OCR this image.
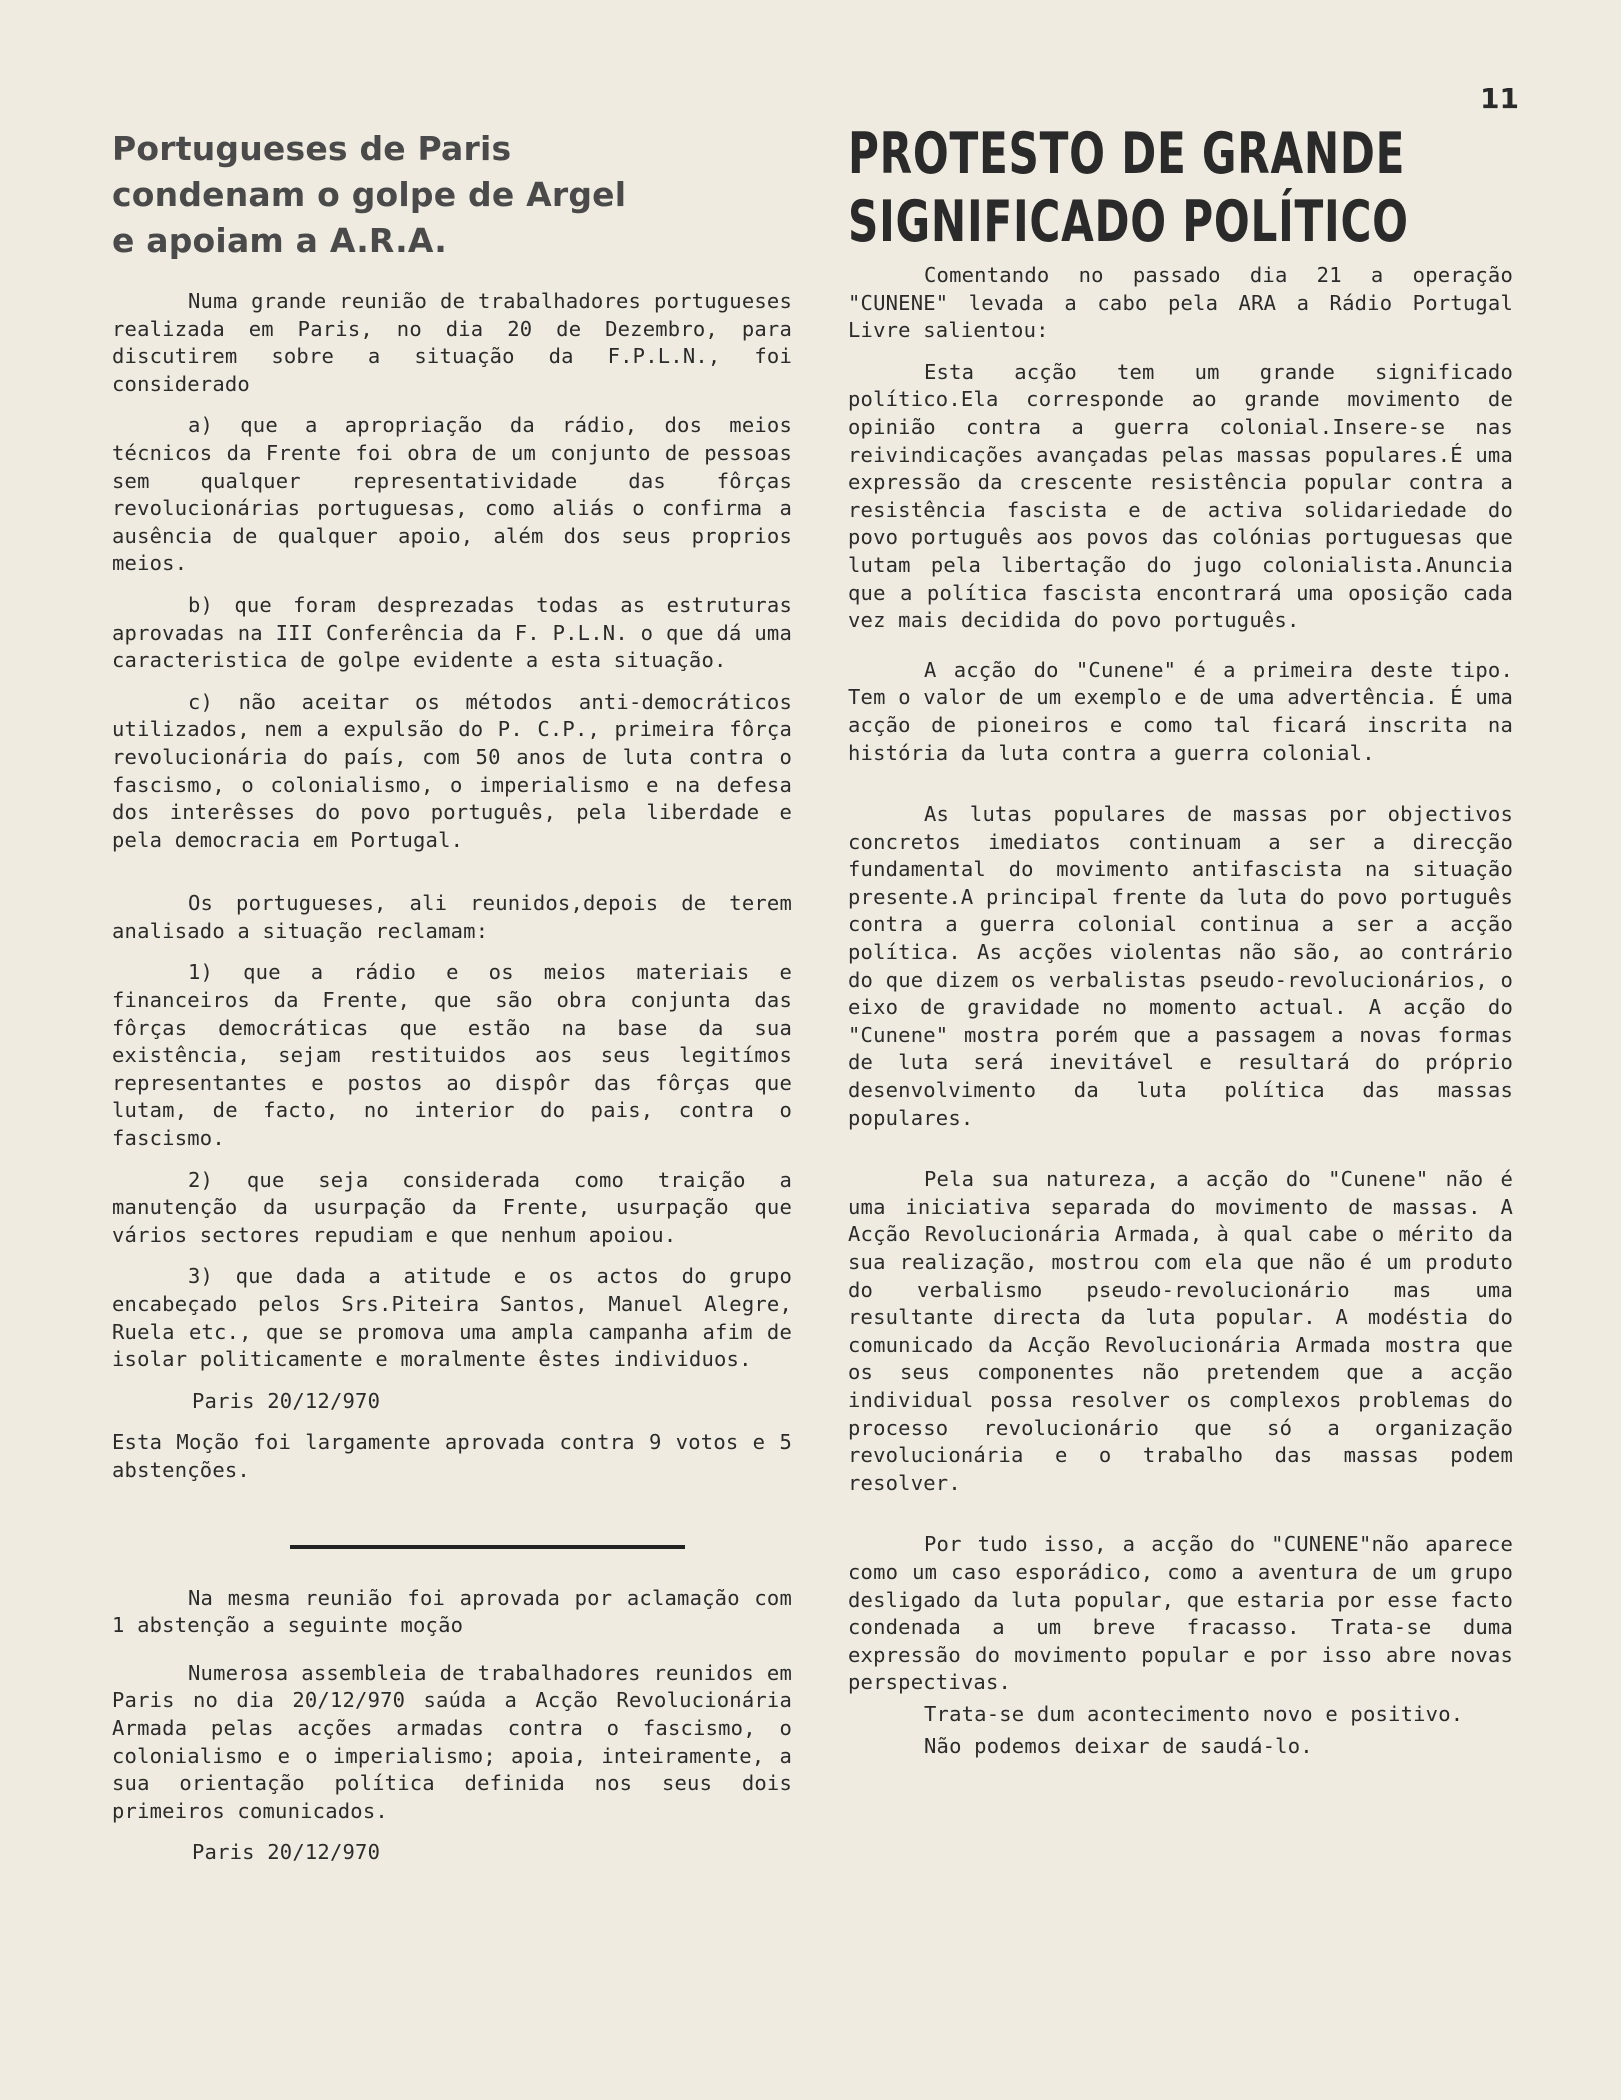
11
Portugueses de Paris
condenam o golpe de Argel
e apoiam a A.R.A.

Numa grande reunião de trabalhadores portugueses realizada em Paris, no dia 20 de Dezembro, para discutirem sobre a situação da F.P.L.N., foi considerado

a) que a apropriação da rádio, dos meios técnicos da Frente foi obra de um conjunto de pessoas sem qualquer representatividade das fôrças revolucionárias portuguesas, como aliás o confirma a ausência de qualquer apoio, além dos seus proprios meios.

b) que foram desprezadas todas as estruturas aprovadas na III Conferência da F. P.L.N. o que dá uma caracteristica de golpe evidente a esta situação.

c) não aceitar os métodos anti-democráticos utilizados, nem a expulsão do P. C.P., primeira fôrça revolucionária do país, com 50 anos de luta contra o fascismo, o colonialismo, o imperialismo e na defesa dos interêsses do povo português, pela liberdade e pela democracia em Portugal.

Os portugueses, ali reunidos,depois de terem analisado a situação reclamam:

1) que a rádio e os meios materiais e financeiros da Frente, que são obra conjunta das fôrças democráticas que estão na base da sua existência, sejam restituidos aos seus legitímos representantes e postos ao dispôr das fôrças que lutam, de facto, no interior do pais, contra o fascismo.

2) que seja considerada como traição a manutenção da usurpação da Frente, usurpação que vários sectores repudiam e que nenhum apoiou.

3) que dada a atitude e os actos do grupo encabeçado pelos Srs.Piteira Santos, Manuel Alegre, Ruela etc., que se promova uma ampla campanha afim de isolar politicamente e moralmente êstes individuos.

Paris 20/12/970

Esta Moção foi largamente aprovada contra 9 votos e 5 abstenções.

Na mesma reunião foi aprovada por aclamação com 1 abstenção a seguinte moção

Numerosa assembleia de trabalhadores reunidos em Paris no dia 20/12/970 saúda a Acção Revolucionária Armada pelas acções armadas contra o fascismo, o colonialismo e o imperialismo; apoia, inteiramente, a sua orientação política definida nos seus dois primeiros comunicados.

Paris 20/12/970
PROTESTO DE GRANDE
SIGNIFICADO POLÍTICO

Comentando no passado dia 21 a operação "CUNENE" levada a cabo pela ARA a Rádio Portugal Livre salientou:

Esta acção tem um grande significado político.Ela corresponde ao grande movimento de opinião contra a guerra colonial.Insere-se nas reivindicações avançadas pelas massas populares.É uma expressão da crescente resistência popular contra a resistência fascista e de activa solidariedade do povo português aos povos das colónias portuguesas que lutam pela libertação do jugo colonialista.Anuncia que a política fascista encontrará uma oposição cada vez mais decidida do povo português.

A acção do "Cunene" é a primeira deste tipo. Tem o valor de um exemplo e de uma advertência. É uma acção de pioneiros e como tal ficará inscrita na história da luta contra a guerra colonial.

As lutas populares de massas por objectivos concretos imediatos continuam a ser a direcção fundamental do movimento antifascista na situação presente.A principal frente da luta do povo português contra a guerra colonial continua a ser a acção política. As acções violentas não são, ao contrário do que dizem os verbalistas pseudo-revolucionários, o eixo de gravidade no momento actual. A acção do "Cunene" mostra porém que a passagem a novas formas de luta será inevitável e resultará do próprio desenvolvimento da luta política das massas populares.

Pela sua natureza, a acção do "Cunene" não é uma iniciativa separada do movimento de massas. A Acção Revolucionária Armada, à qual cabe o mérito da sua realização, mostrou com ela que não é um produto do verbalismo pseudo-revolucionário mas uma resultante directa da luta popular. A modéstia do comunicado da Acção Revolucionária Armada mostra que os seus componentes não pretendem que a acção individual possa resolver os complexos problemas do processo revolucionário que só a organização revolucionária e o trabalho das massas podem resolver.

Por tudo isso, a acção do "CUNENE"não aparece como um caso esporádico, como a aventura de um grupo desligado da luta popular, que estaria por esse facto condenada a um breve fracasso. Trata-se duma expressão do movimento popular e por isso abre novas perspectivas.

Trata-se dum acontecimento novo e positivo.

Não podemos deixar de saudá-lo.
